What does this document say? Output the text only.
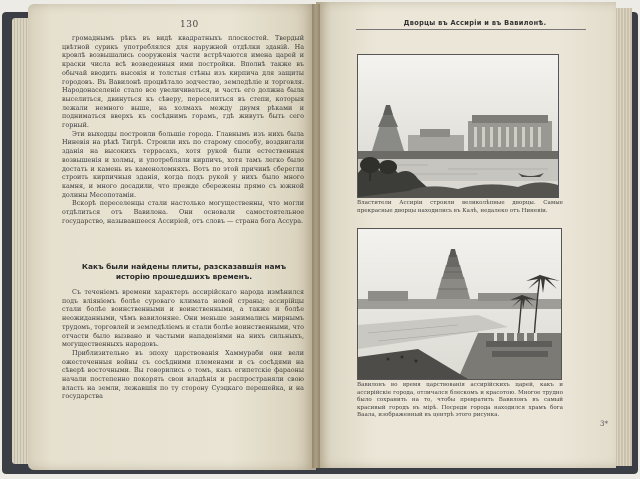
130

громаднымъ рѣкъ въ видѣ квадратныхъ плоскостей. Твердый цвѣтной сурикъ употреблялся для наружной отдѣлки зданій. На кровлѣ возвышались сооруженія части встрѣчаются имена царей и краски числа всѣ возведенныя ими постройки. Вполнѣ также въ обычай вводить высокія и толстыя стѣны изъ кирпича для защиты городовъ. Въ Вавилонѣ процвѣтало зодчество, земледѣліе и торговля. Народонаселеніе стало все увеличиваться, и часть его должна была выселиться, двинуться къ сѣверу, переселиться въ степи, которыя лежали немного выше, на холмахъ между двумя рѣками и подниматься вверхъ къ сосѣднимъ горамъ, гдѣ живутъ быть сего горный.

Эти выходцы построили большіе города. Главнымъ изъ нихъ была Ниневія на рѣкѣ Тигрѣ. Строили ихъ по старому способу, воздвигали зданія на высокихъ террасахъ, хотя рукой были естественныя возвышенія и холмы, и употребляли кирпичъ, хотя тамъ легко было достать и камень въ каменоломняхъ. Вотъ по этой причинѣ сберегли строить кирпичныя зданія, когда подъ рукой у нихъ было много камня, и много досадили, что прежде сбережены прямо съ южной долины Месопотаміи.

Вскорѣ переселенцы стали настолько могущественны, что могли отдѣлиться отъ Вавилона. Они основали самостоятельное государство, называвшееся Ассиріей, отъ словъ — страна бога Ассура.

Какъ были найдены плиты, разсказавшія намъ исторію прошедшихъ временъ.

Съ теченіемъ времени характеръ ассирійскаго народа измѣнился подъ вліяніемъ болѣе суроваго климата новой страны; ассирійцы стали болѣе воинственными и воинственными, а также и болѣе неожиданными, чѣмъ вавилоняне. Они меньше занимались мирнымъ трудомъ, торговлей и земледѣліемъ и стали болѣе воинственными, что отчасти было вызвано и частыми нападеніями на нихъ сильныхъ, могущественныхъ народовъ.

Приблизительно въ эпоху царствованія Хаммураби они вели ожесточенныя войны съ сосѣдними племенами и съ сосѣдями на сѣверѣ восточными. Вы говорились о томъ, какъ египетскіе фараоны начали постепенно покорять свои владѣнія и распространяли свою власть на земли, лежавшія по ту сторону Суэцкаго перешейка, и на государства

Дворцы въ Ассиріи и въ Вавилонѣ.

Властители Ассиріи строили великолѣпные дворцы. Самые прекрасные дворцы находились въ Калѣ, недалеко отъ Ниневіи.

Вавилонъ во время царствованія ассирійскихъ царей, какъ и ассирійскіе города, отличался блескомъ и красотою. Многое трудно было сохранить на то, чтобы превратить Вавилонъ въ самый красивый городъ въ мірѣ. Посреди города находился храмъ бога Ваала, изображенный въ центрѣ этого рисунка.

3*
